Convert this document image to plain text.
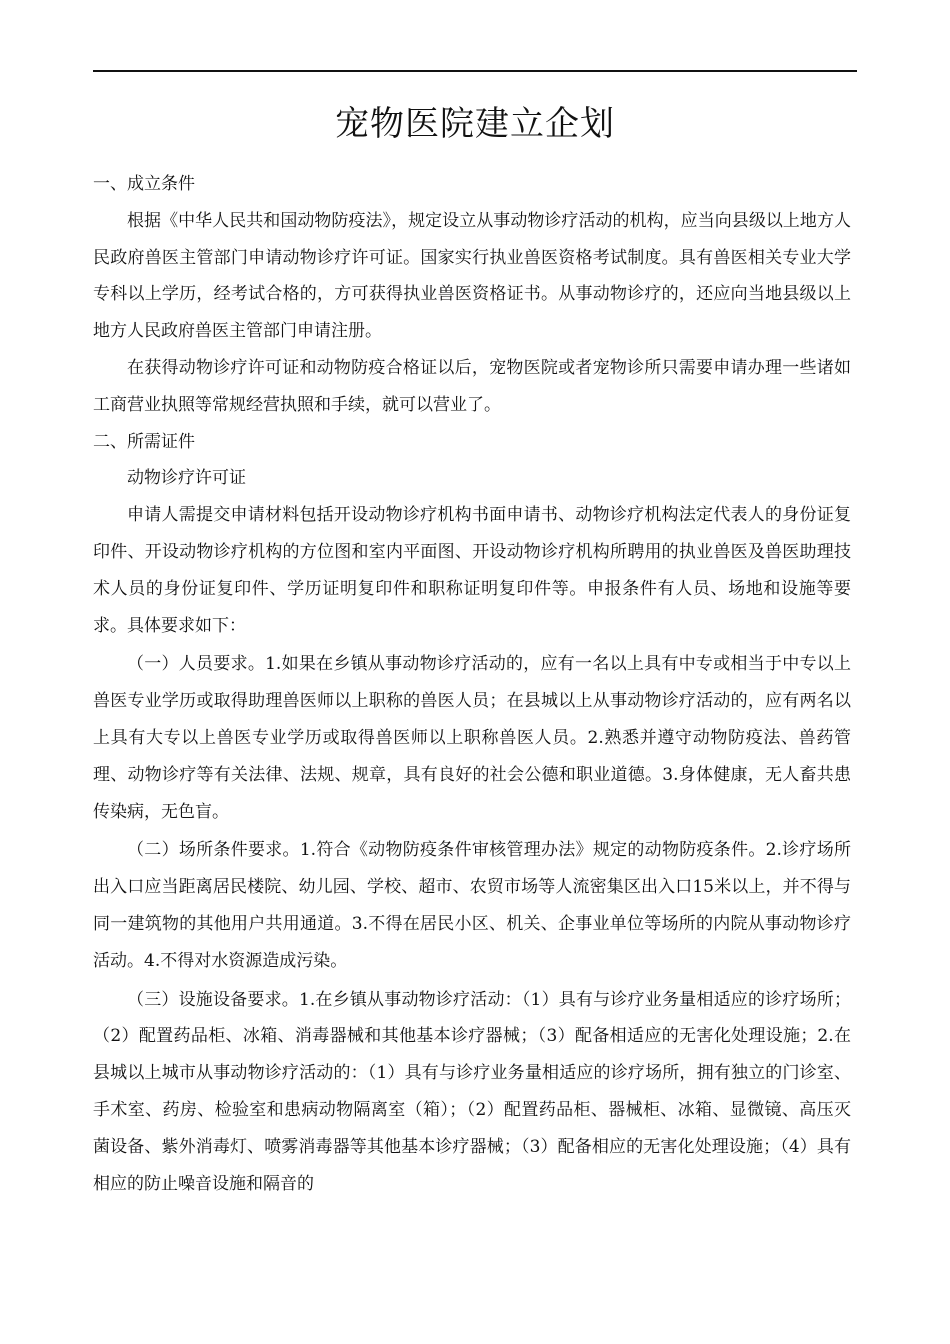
宠物医院建立企划

一、成立条件

根据《中华人民共和国动物防疫法》，规定设立从事动物诊疗活动的机构，应当向县级以上地方人民政府兽医主管部门申请动物诊疗许可证。国家实行执业兽医资格考试制度。具有兽医相关专业大学专科以上学历，经考试合格的，方可获得执业兽医资格证书。从事动物诊疗的，还应向当地县级以上地方人民政府兽医主管部门申请注册。

在获得动物诊疗许可证和动物防疫合格证以后，宠物医院或者宠物诊所只需要申请办理一些诸如工商营业执照等常规经营执照和手续，就可以营业了。

二、所需证件

动物诊疗许可证

申请人需提交申请材料包括开设动物诊疗机构书面申请书、动物诊疗机构法定代表人的身份证复印件、开设动物诊疗机构的方位图和室内平面图、开设动物诊疗机构所聘用的执业兽医及兽医助理技术人员的身份证复印件、学历证明复印件和职称证明复印件等。申报条件有人员、场地和设施等要求。具体要求如下：

（一）人员要求。1.如果在乡镇从事动物诊疗活动的，应有一名以上具有中专或相当于中专以上兽医专业学历或取得助理兽医师以上职称的兽医人员；在县城以上从事动物诊疗活动的，应有两名以上具有大专以上兽医专业学历或取得兽医师以上职称兽医人员。2.熟悉并遵守动物防疫法、兽药管理、动物诊疗等有关法律、法规、规章，具有良好的社会公德和职业道德。3.身体健康，无人畜共患传染病，无色盲。

（二）场所条件要求。1.符合《动物防疫条件审核管理办法》规定的动物防疫条件。2.诊疗场所出入口应当距离居民楼院、幼儿园、学校、超市、农贸市场等人流密集区出入口15米以上，并不得与同一建筑物的其他用户共用通道。3.不得在居民小区、机关、企事业单位等场所的内院从事动物诊疗活动。4.不得对水资源造成污染。

（三）设施设备要求。1.在乡镇从事动物诊疗活动：（1）具有与诊疗业务量相适应的诊疗场所；（2）配置药品柜、冰箱、消毒器械和其他基本诊疗器械；（3）配备相适应的无害化处理设施；2.在县城以上城市从事动物诊疗活动的：（1）具有与诊疗业务量相适应的诊疗场所，拥有独立的门诊室、手术室、药房、检验室和患病动物隔离室（箱）；（2）配置药品柜、器械柜、冰箱、显微镜、高压灭菌设备、紫外消毒灯、喷雾消毒器等其他基本诊疗器械；（3）配备相应的无害化处理设施；（4）具有相应的防止噪音设施和隔音的
